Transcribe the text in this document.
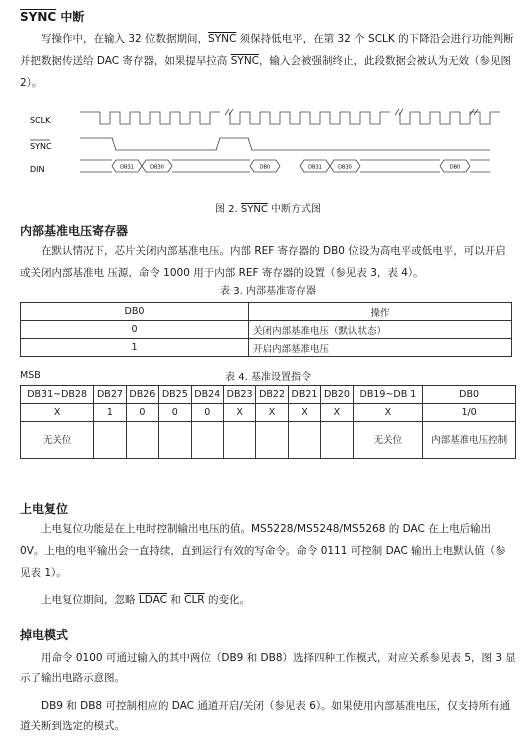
SYNC 中断
写操作中，在输入 32 位数据期间，SYNC 须保持低电平，在第 32 个 SCLK 的下降沿会进行功能判断并把数据传送给 DAC 寄存器，如果提早拉高 SYNC，输入会被强制终止，此段数据会被认为无效（参见图 2）。
SCLK
SYNC
DIN	DB31	DB30	DB0	DB31	DB30	DB0
图 2. SYNC 中断方式图
内部基准电压寄存器
在默认情况下，芯片关闭内部基准电压。内部 REF 寄存器的 DB0 位设为高电平或低电平，可以开启或关闭内部基准电 压源，命令 1000 用于内部 REF 寄存器的设置（参见表 3，表 4）。
表 3. 内部基准寄存器
DB0	操作
0	关闭内部基准电压（默认状态）
1	开启内部基准电压
MSB	表 4. 基准设置指令
DB31~DB28	DB27	DB26	DB25	DB24	DB23	DB22	DB21	DB20	DB19~DB 1	DB0
X	1	0	0	0	X	X	X	X	X	1/0
无关位									无关位	内部基准电压控制
上电复位
上电复位功能是在上电时控制输出电压的值。MS5228/MS5248/MS5268 的 DAC 在上电后输出 0V。上电的电平输出会一直持续，直到运行有效的写命令。命令 0111 可控制 DAC 输出上电默认值（参见表 1）。
上电复位期间，忽略 LDAC 和 $\overline{CLR}$ 的变化。
掉电模式
用命令 0100 可通过输入的其中两位（DB9 和 DB8）选择四种工作模式，对应关系参见表 5，图 3 显示了输出电路示意图。
DB9 和 DB8 可控制相应的 DAC 通道开启/关闭（参见表 6）。如果使用内部基准电压，仅支持所有通道关断到选定的模式。
